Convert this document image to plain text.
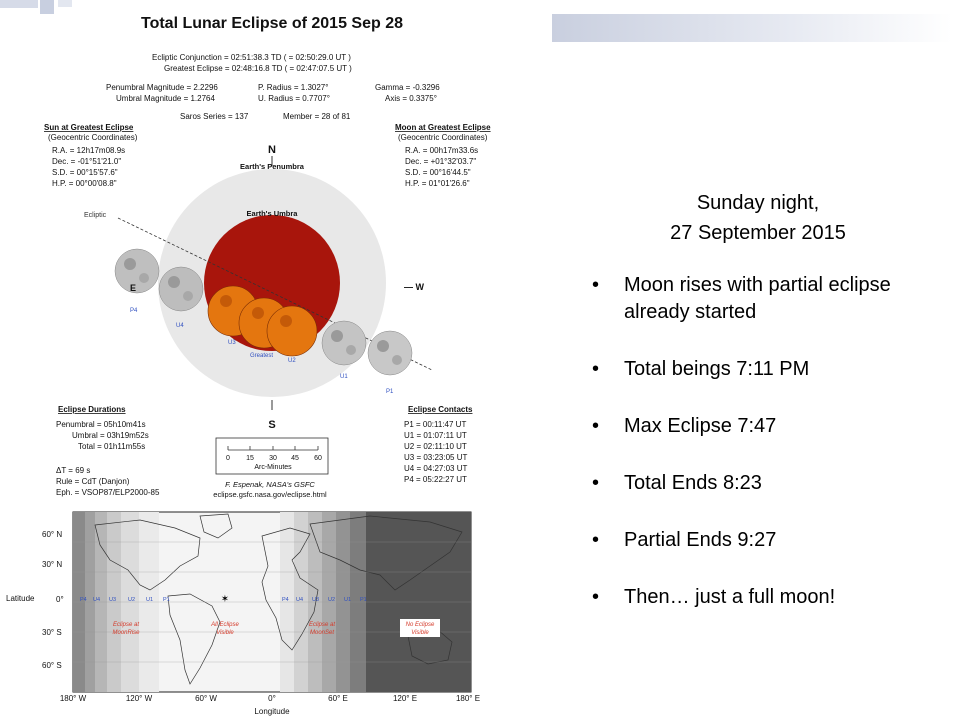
Total Lunar Eclipse of 2015 Sep 28
Ecliptic Conjunction = 02:51:38.3 TD ( = 02:50:29.0 UT )
Greatest Eclipse = 02:48:16.8 TD ( = 02:47:07.5 UT )
Penumbral Magnitude = 2.2296
Umbral Magnitude = 1.2764
P. Radius = 1.3027°
U. Radius = 0.7707°
Gamma = -0.3296
Axis = 0.3375°
Saros Series = 137	Member = 28 of 81
Sun at Greatest Eclipse
(Geocentric Coordinates)
R.A. = 12h17m08.9s
Dec. = -01°51'21.0"
S.D. = 00°15'57.6"
H.P. = 00°00'08.8"
Moon at Greatest Eclipse
(Geocentric Coordinates)
R.A. = 00h17m33.6s
Dec. = +01°32'03.7"
S.D. = 00°16'44.5"
H.P. = 01°01'26.6"
N
S
— W
E
Earth's Penumbra
Earth's Umbra
Ecliptic
P4
U4
U3
Greatest
U2
U1
P1
Eclipse Durations
Penumbral = 05h10m41s
Umbral = 03h19m52s
Total = 01h11m55s
ΔT = 69 s
Rule = CdT (Danjon)
Eph. = VSOP87/ELP2000-85
0 15 30 45 60
Arc-Minutes
F. Espenak, NASA's GSFC
eclipse.gsfc.nasa.gov/eclipse.html
Eclipse Contacts
P1 = 00:11:47 UT
U1 = 01:07:11 UT
U2 = 02:11:10 UT
U3 = 03:23:05 UT
U4 = 04:27:03 UT
P4 = 05:22:27 UT
✶
P4 U4 U3 U2 U1 P1	P4 U4 U3 U2 U1 P1
Eclipse at
MoonRise
All Eclipse
Visible
Eclipse at
MoonSet
No Eclipse
Visible
60° N
30° N
0°
30° S
60° S
Latitude
180° W	120° W	60° W	0°	60° E	120° E	180° E
Longitude
Sunday night,
27 September 2015
• Moon rises with partial eclipse already started
• Total beings 7:11 PM
• Max Eclipse 7:47
• Total Ends 8:23
• Partial Ends 9:27
• Then… just a full moon!
